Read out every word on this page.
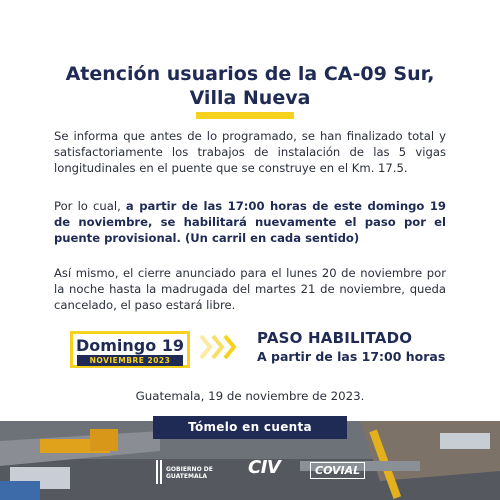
Atención usuarios de la CA-09 Sur,

Villa Nueva

Se informa que antes de lo programado, se han finalizado total y satisfactoriamente los trabajos de instalación de las 5 vigas longitudinales en el puente que se construye en el Km. 17.5.

Por lo cual, a partir de las 17:00 horas de este domingo 19 de noviembre, se habilitará nuevamente el paso por el puente provisional. (Un carril en cada sentido)

Así mismo, el cierre anunciado para el lunes 20 de noviembre por la noche hasta la madrugada del martes 21 de noviembre, queda cancelado, el paso estará libre.

Domingo 19
NOVIEMBRE 2023
PASO HABILITADO
A partir de las 17:00 horas
Guatemala, 19 de noviembre de 2023.
Tómelo en cuenta
GOBIERNO DE GUATEMALA	CIV	COVIAL
